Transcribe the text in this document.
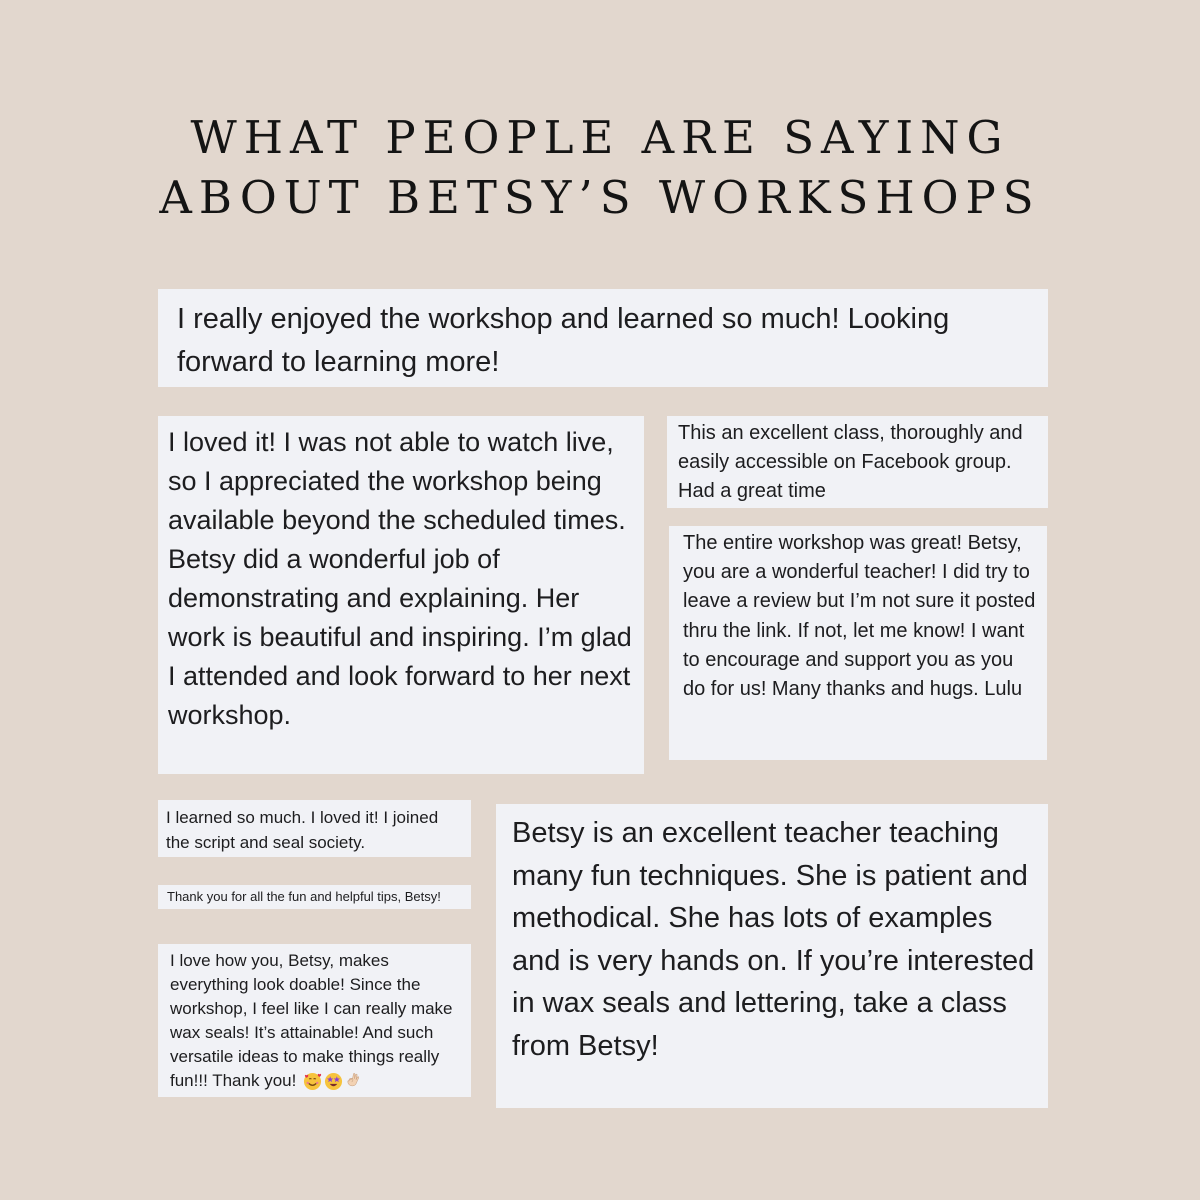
WHAT PEOPLE ARE SAYING
ABOUT BETSY’S WORKSHOPS

I really enjoyed the workshop and learned so much! Looking forward to learning more!

I loved it! I was not able to watch live, so I appreciated the workshop being available beyond the scheduled times. Betsy did a wonderful job of demonstrating and explaining. Her work is beautiful and inspiring. I’m glad I attended and look forward to her next workshop.

This an excellent class, thoroughly and easily accessible on Facebook group. Had a great time

The entire workshop was great! Betsy, you are a wonderful teacher! I did try to leave a review but I’m not sure it posted thru the link. If not, let me know! I want to encourage and support you as you do for us! Many thanks and hugs. Lulu

I learned so much. I loved it! I joined the script and seal society.

Thank you for all the fun and helpful tips, Betsy!

I love how you, Betsy, makes everything look doable! Since the workshop, I feel like I can really make wax seals! It’s attainable! And such versatile ideas to make things really fun!!! Thank you!

Betsy is an excellent teacher teaching many fun techniques. She is patient and methodical. She has lots of examples and is very hands on. If you’re interested in wax seals and lettering, take a class from Betsy!
